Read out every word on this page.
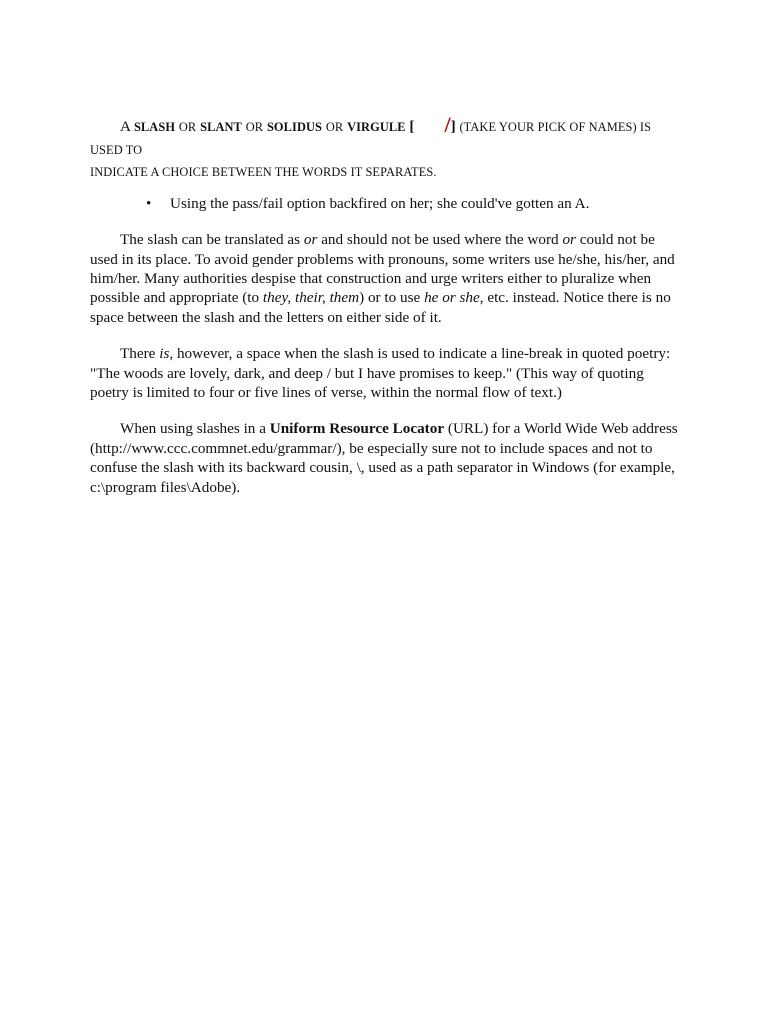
A SLASH OR SLANT OR SOLIDUS OR VIRGULE [ /] (TAKE YOUR PICK OF NAMES) IS USED TO
INDICATE A CHOICE BETWEEN THE WORDS IT SEPARATES.

• Using the pass/fail option backfired on her; she could've gotten an A.

The slash can be translated as or and should not be used where the word or could not be used in its place. To avoid gender problems with pronouns, some writers use he/she, his/her, and him/her. Many authorities despise that construction and urge writers either to pluralize when possible and appropriate (to they, their, them) or to use he or she, etc. instead. Notice there is no space between the slash and the letters on either side of it.

There is, however, a space when the slash is used to indicate a line-break in quoted poetry: "The woods are lovely, dark, and deep / but I have promises to keep." (This way of quoting poetry is limited to four or five lines of verse, within the normal flow of text.)

When using slashes in a Uniform Resource Locator (URL) for a World Wide Web address (http://www.ccc.commnet.edu/grammar/), be especially sure not to include spaces and not to confuse the slash with its backward cousin, \, used as a path separator in Windows (for example, c:\program files\Adobe).
